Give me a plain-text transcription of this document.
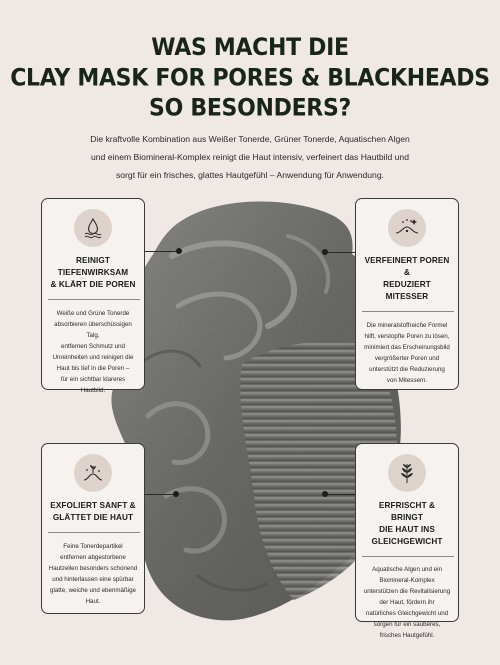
WAS MACHT DIE
CLAY MASK FOR PORES & BLACKHEADS
SO BESONDERS?

Die kraftvolle Kombination aus Weißer Tonerde, Grüner Tonerde, Aquatischen Algen
und einem Biomineral-Komplex reinigt die Haut intensiv, verfeinert das Hautbild und
sorgt für ein frisches, glattes Hautgefühl – Anwendung für Anwendung.

REINIGT TIEFENWIRKSAM
& KLÄRT DIE POREN

Weiße und Grüne Tonerde
absorbieren überschüssigen Talg,
entfernen Schmutz und
Unreinheiten und reinigen die
Haut bis tief in die Poren –
für ein sichtbar klareres
Hautbild.

VERFEINERT POREN &
REDUZIERT MITESSER

Die mineralstoffreiche Formel
hilft, verstopfte Poren zu lösen,
minimiert das Erscheinungsbild
vergrößerter Poren und
unterstützt die Reduzierung
von Mitessern.

EXFOLIERT SANFT &
GLÄTTET DIE HAUT

Feine Tonerdepartikel
entfernen abgestorbene
Hautzellen besonders schonend
und hinterlassen eine spürbar
glatte, weiche und ebenmäßige
Haut.

ERFRISCHT & BRINGT
DIE HAUT INS
GLEICHGEWICHT

Aquatische Algen und ein
Biomineral-Komplex
unterstützen die Revitalisierung
der Haut, fördern ihr
natürliches Gleichgewicht und
sorgen für ein sauberes,
frisches Hautgefühl.
